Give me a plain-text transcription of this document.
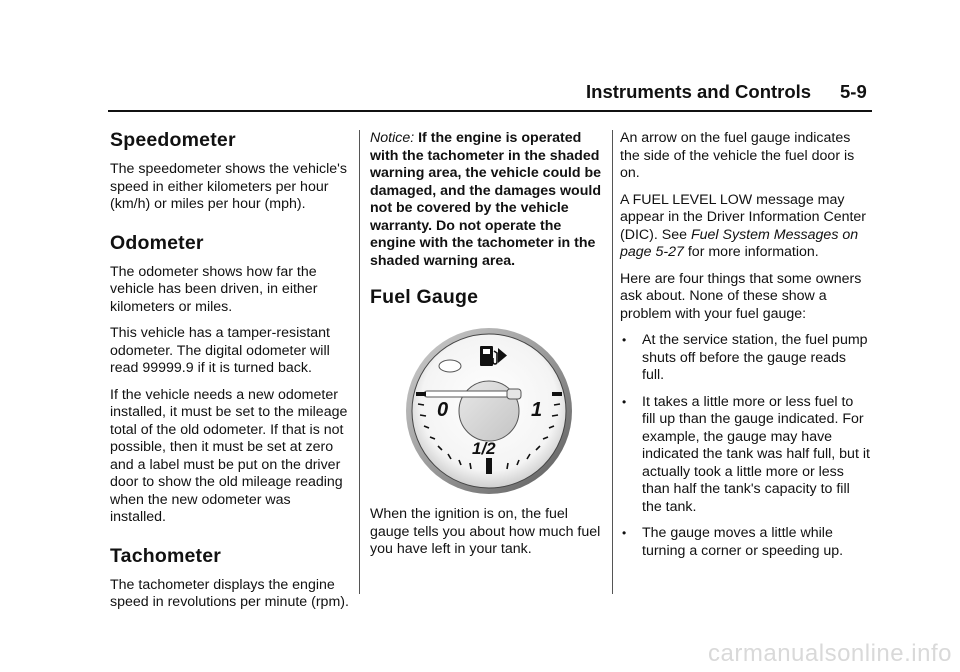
Instruments and Controls 5-9
Speedometer

The speedometer shows the vehicle's speed in either kilometers per hour (km/h) or miles per hour (mph).

Odometer

The odometer shows how far the vehicle has been driven, in either kilometers or miles.

This vehicle has a tamper-resistant odometer. The digital odometer will read 99999.9 if it is turned back.

If the vehicle needs a new odometer installed, it must be set to the mileage total of the old odometer. If that is not possible, then it must be set at zero and a label must be put on the driver door to show the old mileage reading when the new odometer was installed.

Tachometer

The tachometer displays the engine speed in revolutions per minute (rpm).

Notice: If the engine is operated with the tachometer in the shaded warning area, the vehicle could be damaged, and the damages would not be covered by the vehicle warranty. Do not operate the engine with the tachometer in the shaded warning area.

Fuel Gauge
0	1
1/2

When the ignition is on, the fuel gauge tells you about how much fuel you have left in your tank.

An arrow on the fuel gauge indicates the side of the vehicle the fuel door is on.

A FUEL LEVEL LOW message may appear in the Driver Information Center (DIC). See Fuel System Messages on page 5-27 for more information.

Here are four things that some owners ask about. None of these show a problem with your fuel gauge:

• At the service station, the fuel pump shuts off before the gauge reads full.
• It takes a little more or less fuel to fill up than the gauge indicated. For example, the gauge may have indicated the tank was half full, but it actually took a little more or less than half the tank's capacity to fill the tank.
• The gauge moves a little while turning a corner or speeding up.
carmanualsonline.info
